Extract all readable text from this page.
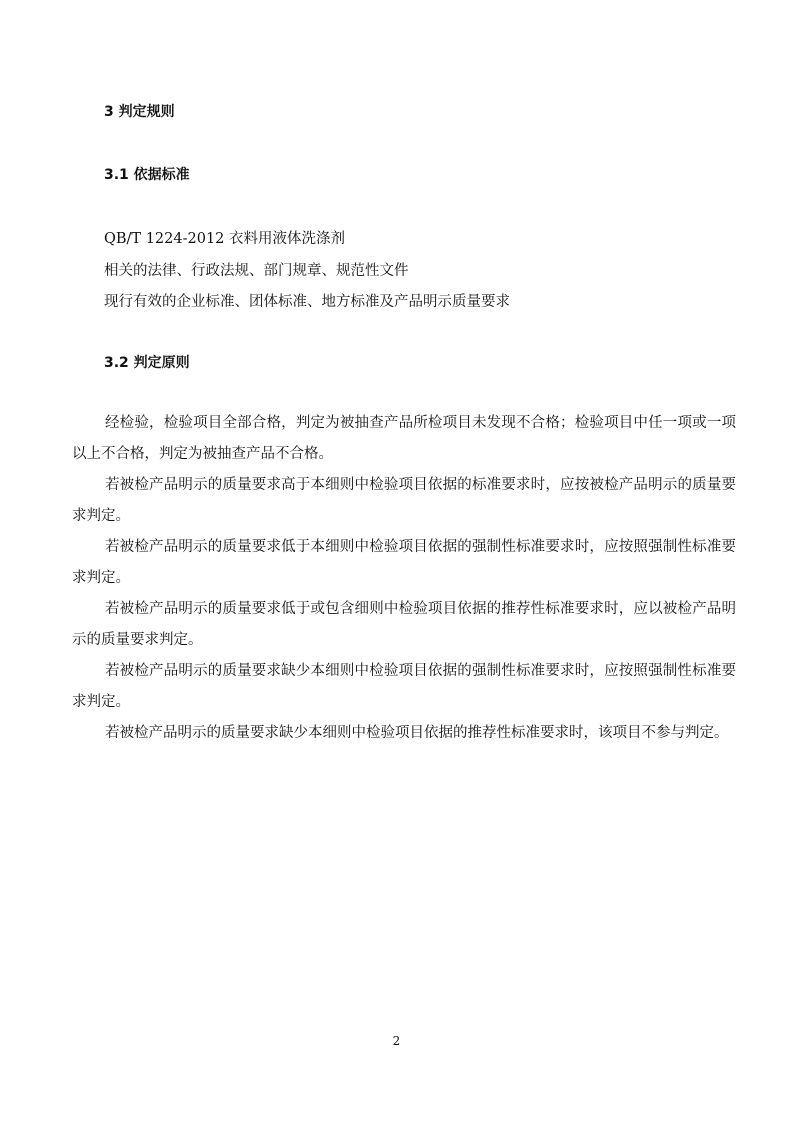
3 判定规则
3.1 依据标准
QB/T 1224-2012 衣料用液体洗涤剂
相关的法律、行政法规、部门规章、规范性文件
现行有效的企业标准、团体标准、地方标准及产品明示质量要求
3.2 判定原则

经检验，检验项目全部合格，判定为被抽查产品所检项目未发现不合格；检验项目中任一项或一项以上不合格，判定为被抽查产品不合格。

若被检产品明示的质量要求高于本细则中检验项目依据的标准要求时，应按被检产品明示的质量要求判定。

若被检产品明示的质量要求低于本细则中检验项目依据的强制性标准要求时，应按照强制性标准要求判定。

若被检产品明示的质量要求低于或包含细则中检验项目依据的推荐性标准要求时，应以被检产品明示的质量要求判定。

若被检产品明示的质量要求缺少本细则中检验项目依据的强制性标准要求时，应按照强制性标准要求判定。

若被检产品明示的质量要求缺少本细则中检验项目依据的推荐性标准要求时，该项目不参与判定。

2
